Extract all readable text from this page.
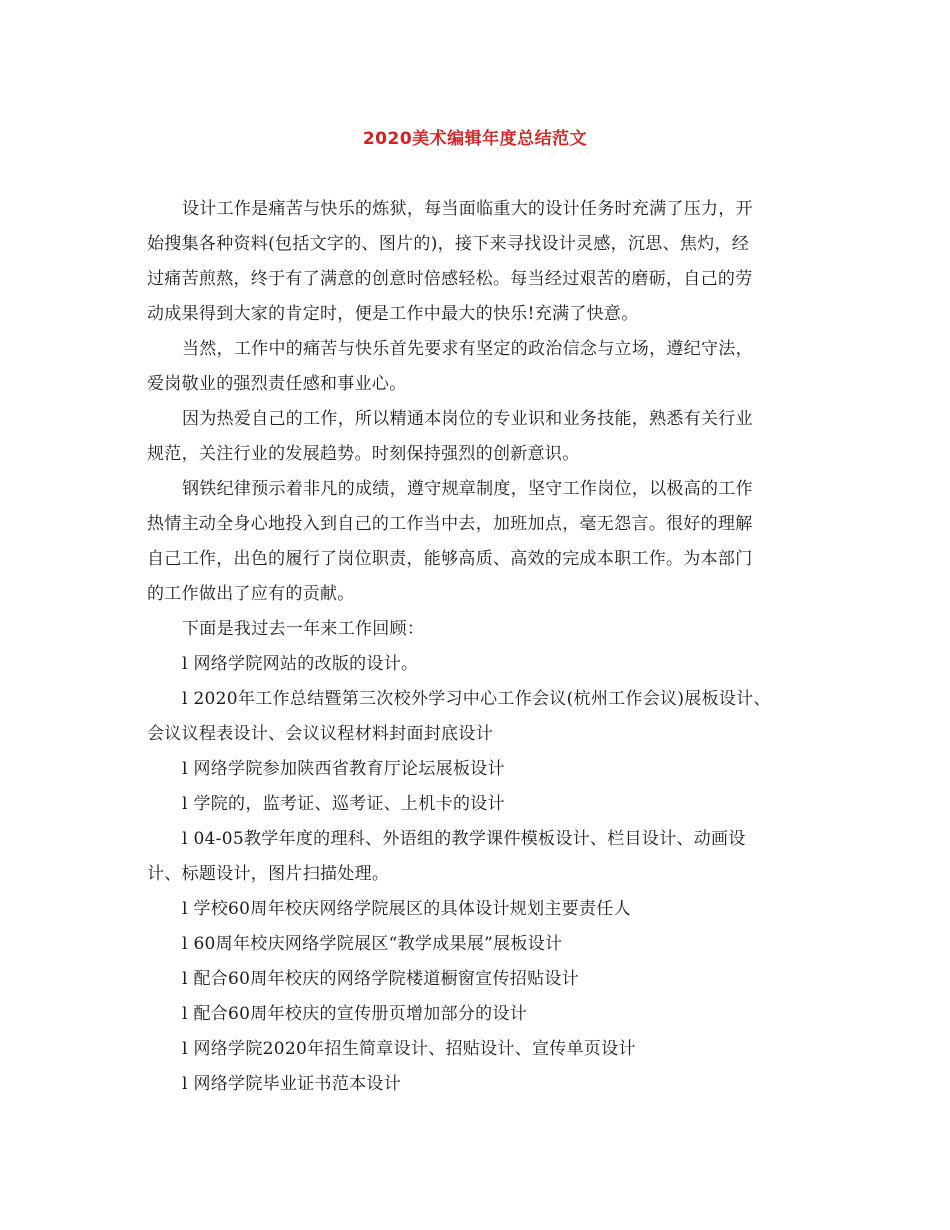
2020美术编辑年度总结范文
设计工作是痛苦与快乐的炼狱，每当面临重大的设计任务时充满了压力，开
始搜集各种资料(包括文字的、图片的)，接下来寻找设计灵感，沉思、焦灼，经
过痛苦煎熬，终于有了满意的创意时倍感轻松。每当经过艰苦的磨砺，自己的劳
动成果得到大家的肯定时，便是工作中最大的快乐!充满了快意。
当然，工作中的痛苦与快乐首先要求有坚定的政治信念与立场，遵纪守法，
爱岗敬业的强烈责任感和事业心。
因为热爱自己的工作，所以精通本岗位的专业识和业务技能，熟悉有关行业
规范，关注行业的发展趋势。时刻保持强烈的创新意识。
钢铁纪律预示着非凡的成绩，遵守规章制度，坚守工作岗位，以极高的工作
热情主动全身心地投入到自己的工作当中去，加班加点，毫无怨言。很好的理解
自己工作，出色的履行了岗位职责，能够高质、高效的完成本职工作。为本部门
的工作做出了应有的贡献。
下面是我过去一年来工作回顾：
l 网络学院网站的改版的设计。
l 2020年工作总结暨第三次校外学习中心工作会议(杭州工作会议)展板设计、
会议议程表设计、会议议程材料封面封底设计
l 网络学院参加陕西省教育厅论坛展板设计
l 学院的，监考证、巡考证、上机卡的设计
l 04-05教学年度的理科、外语组的教学课件模板设计、栏目设计、动画设
计、标题设计，图片扫描处理。
l 学校60周年校庆网络学院展区的具体设计规划主要责任人
l 60周年校庆网络学院展区“教学成果展”展板设计
l 配合60周年校庆的网络学院楼道橱窗宣传招贴设计
l 配合60周年校庆的宣传册页增加部分的设计
l 网络学院2020年招生简章设计、招贴设计、宣传单页设计
l 网络学院毕业证书范本设计
